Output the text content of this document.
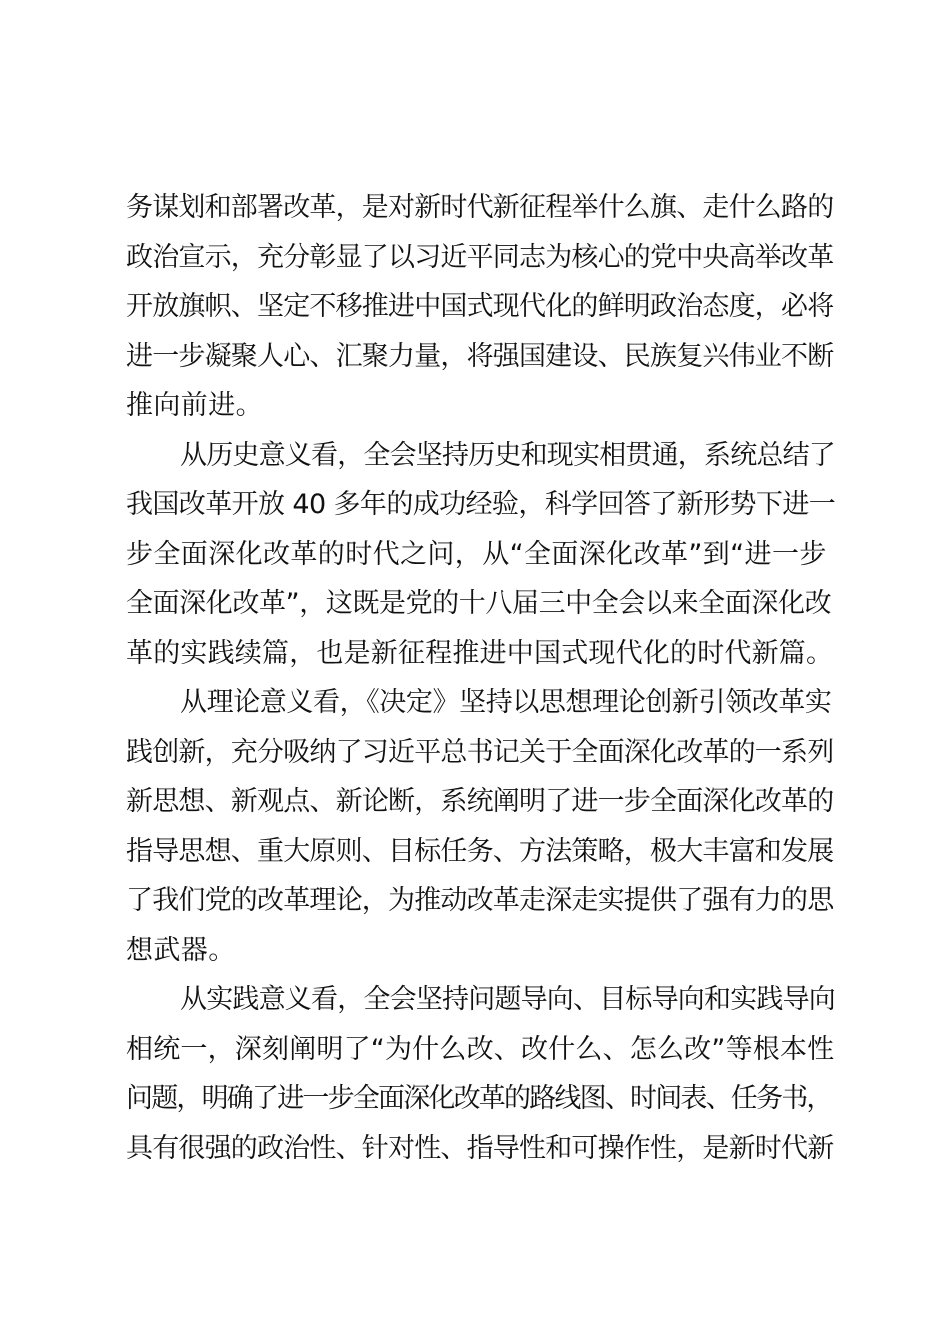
务谋划和部署改革，是对新时代新征程举什么旗、走什么路的
政治宣示，充分彰显了以习近平同志为核心的党中央高举改革
开放旗帜、坚定不移推进中国式现代化的鲜明政治态度，必将
进一步凝聚人心、汇聚力量，将强国建设、民族复兴伟业不断
推向前进。
从历史意义看，全会坚持历史和现实相贯通，系统总结了
我国改革开放 40 多年的成功经验，科学回答了新形势下进一
步全面深化改革的时代之问，从“全面深化改革”到“进一步
全面深化改革”，这既是党的十八届三中全会以来全面深化改
革的实践续篇，也是新征程推进中国式现代化的时代新篇。
从理论意义看，《决定》坚持以思想理论创新引领改革实
践创新，充分吸纳了习近平总书记关于全面深化改革的一系列
新思想、新观点、新论断，系统阐明了进一步全面深化改革的
指导思想、重大原则、目标任务、方法策略，极大丰富和发展
了我们党的改革理论，为推动改革走深走实提供了强有力的思
想武器。
从实践意义看，全会坚持问题导向、目标导向和实践导向
相统一，深刻阐明了“为什么改、改什么、怎么改”等根本性
问题，明确了进一步全面深化改革的路线图、时间表、任务书，
具有很强的政治性、针对性、指导性和可操作性，是新时代新
